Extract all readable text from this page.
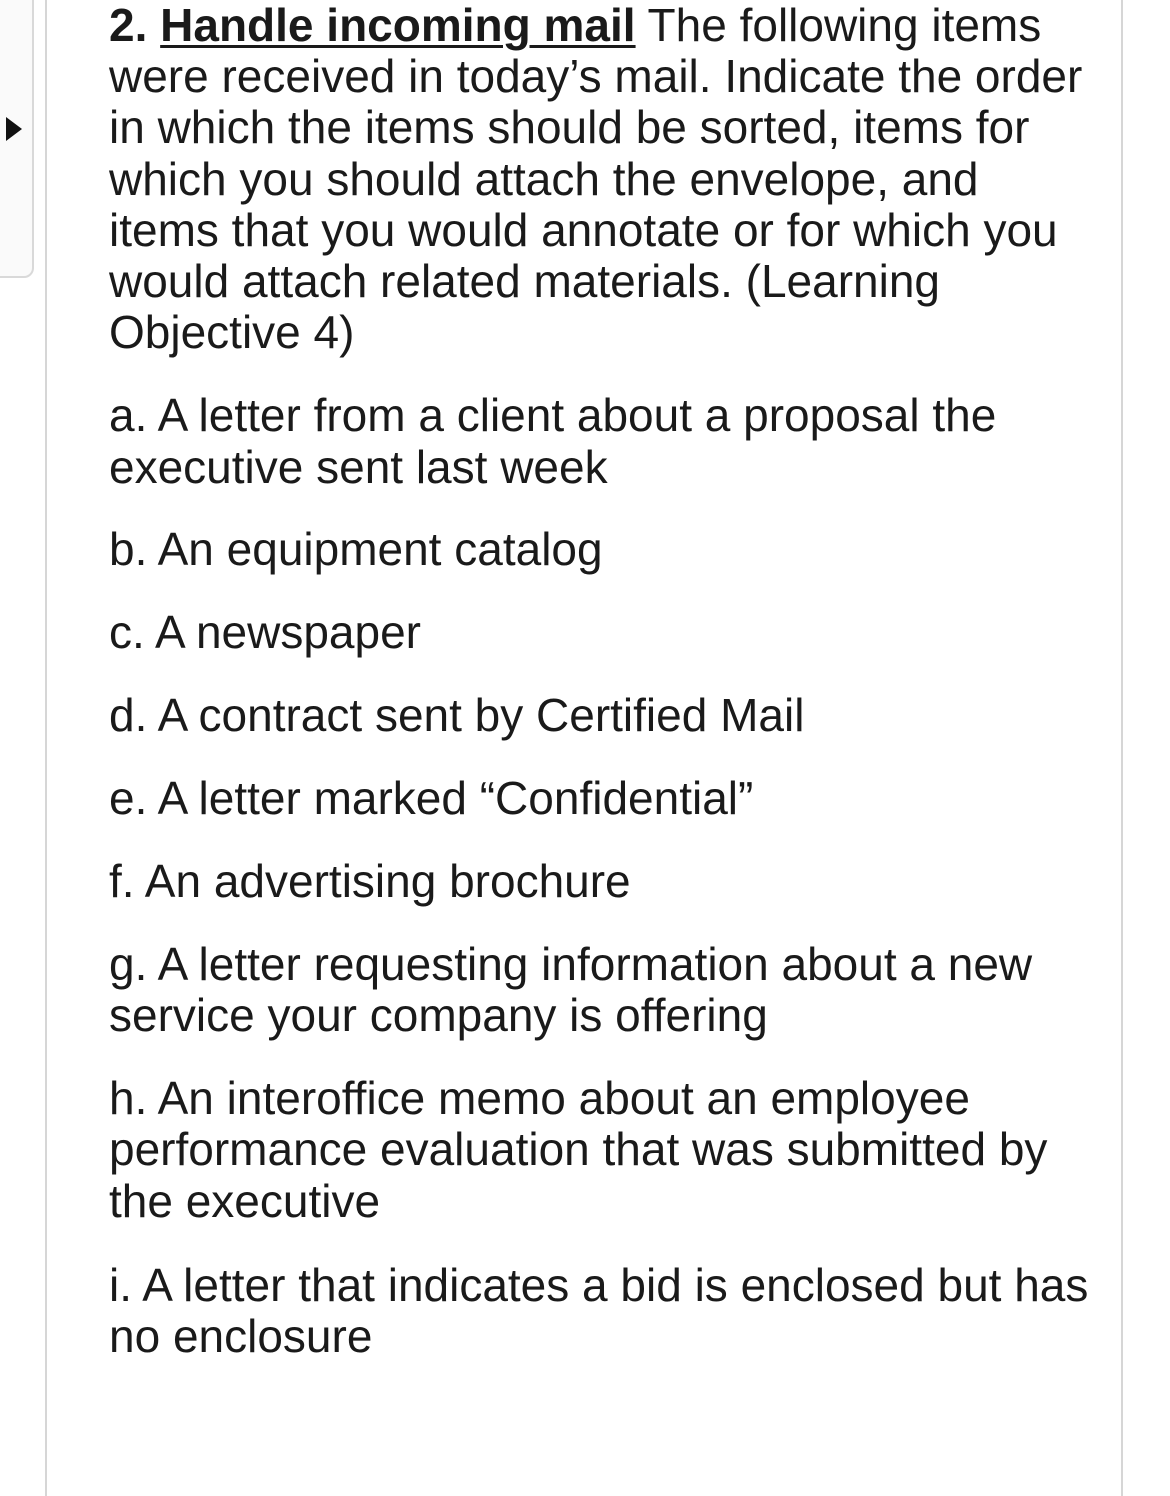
2. Handle incoming mail The following items were received in today’s mail. Indicate the order in which the items should be sorted, items for which you should attach the envelope, and items that you would annotate or for which you would attach related materials. (Learning Objective 4)

a. A letter from a client about a proposal the executive sent last week
b. An equipment catalog
c. A newspaper
d. A contract sent by Certified Mail
e. A letter marked “Confidential”
f. An advertising brochure
g. A letter requesting information about a new service your company is offering
h. An interoffice memo about an employee performance evaluation that was submitted by the executive
i. A letter that indicates a bid is enclosed but has no enclosure
